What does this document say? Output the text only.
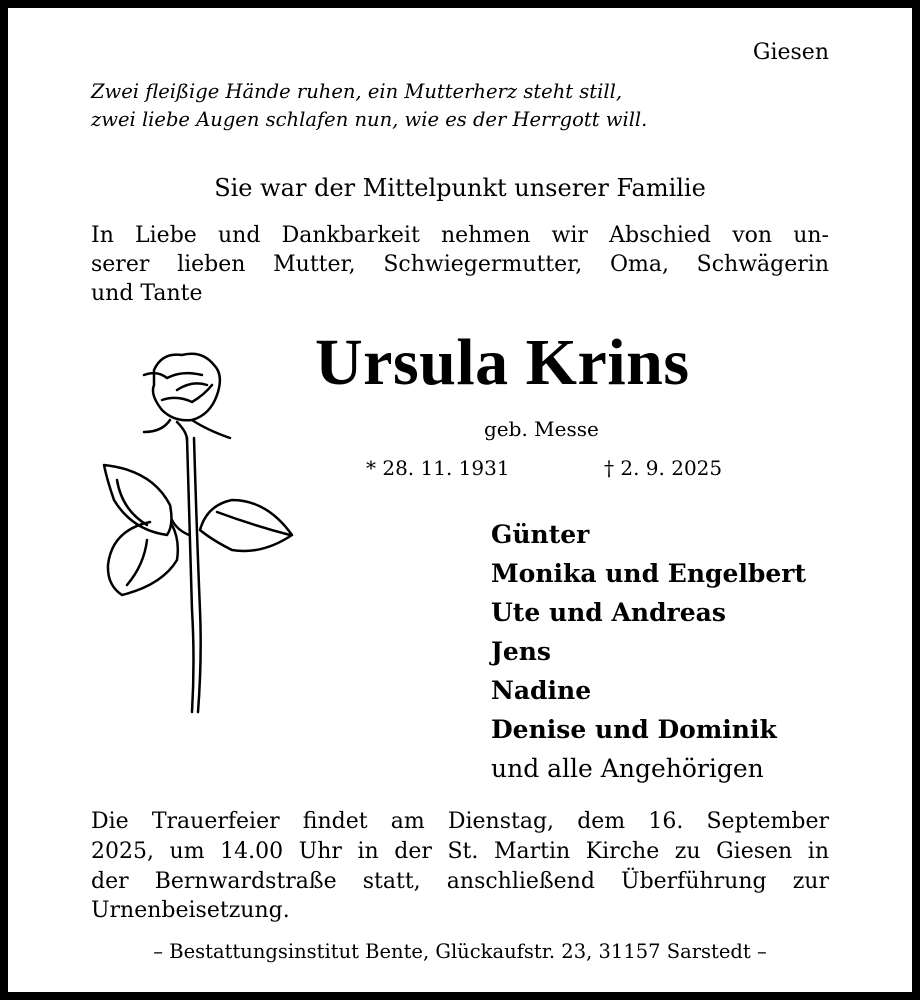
Giesen
Zwei fleißige Hände ruhen, ein Mutterherz steht still,
zwei liebe Augen schlafen nun, wie es der Herrgott will.
Sie war der Mittelpunkt unserer Familie
In Liebe und Dankbarkeit nehmen wir Abschied von un-
serer lieben Mutter, Schwiegermutter, Oma, Schwägerin
und Tante
Ursula Krins
geb. Messe
* 28. 11. 1931	† 2. 9. 2025
Günter
Monika und Engelbert
Ute und Andreas
Jens
Nadine
Denise und Dominik
und alle Angehörigen
Die Trauerfeier findet am Dienstag, dem 16. September
2025, um 14.00 Uhr in der St. Martin Kirche zu Giesen in
der Bernwardstraße statt, anschließend Überführung zur
Urnenbeisetzung.
– Bestattungsinstitut Bente, Glückaufstr. 23, 31157 Sarstedt –
